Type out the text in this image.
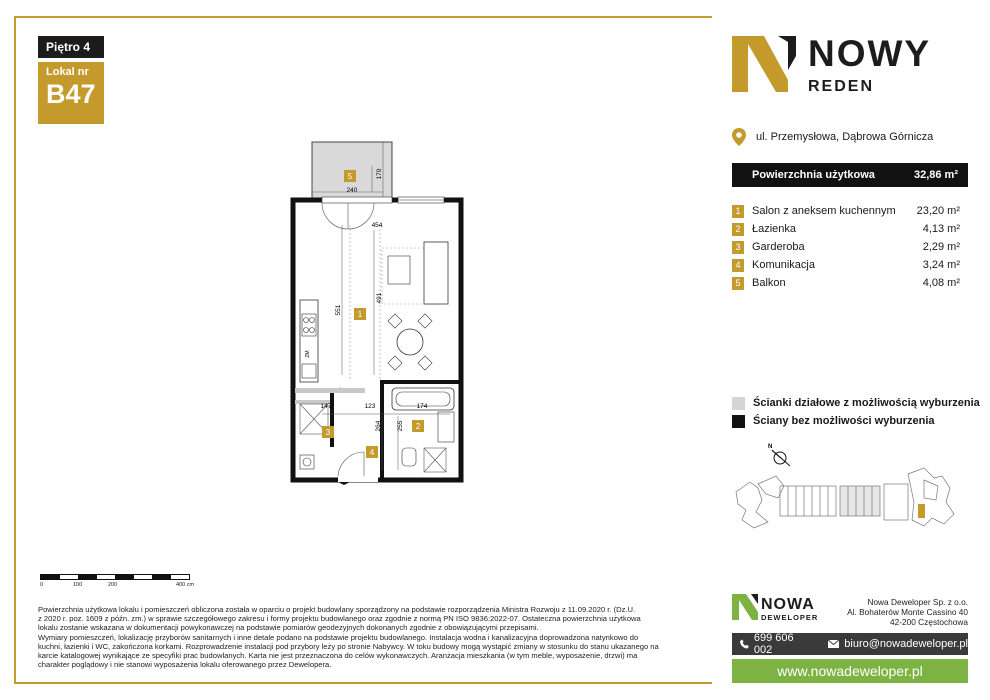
Piętro 4
Lokal nr
B47
ZM
170
240
454
491
551
147	123	174
264 255
5
1
2
3
4
0	100	200	400 cm

Powierzchnia użytkowa lokalu i pomieszczeń obliczona została w oparciu o projekt budowlany sporządzony na podstawie rozporządzenia Ministra Rozwoju z 11.09.2020 r. (Dz.U.

z 2020 r. poz. 1609 z późn. zm.) w sprawie szczegółowego zakresu i formy projektu budowlanego oraz zgodnie z normą PN ISO 9836:2022-07. Ostateczna powierzchnia użytkowa

lokalu zostanie wskazana w dokumentacji powykonawczej na podstawie pomiarów geodezyjnych dokonanych zgodnie z obowiązującymi przepisami.

Wymiary pomieszczeń, lokalizację przyborów sanitarnych i inne detale podano na podstawie projektu budowlanego. Instalacja wodna i kanalizacyjna doprowadzona natynkowo do

kuchni, łazienki i WC, zakończona korkami. Rozprowadzenie instalacji pod przybory leży po stronie Nabywcy. W toku budowy mogą wystąpić zmiany w stosunku do stanu ukazanego na

karcie katalogowej wynikające ze specyfiki prac budowlanych. Karta nie jest przeznaczona do celów wykonawczych. Aranżacja mieszkania (w tym meble, wyposażenie, drzwi) ma

charakter poglądowy i nie stanowi wyposażenia lokalu oferowanego przez Dewelopera.

NOWY
REDEN
ul. Przemysłowa, Dąbrowa Górnicza
Powierzchnia użytkowa	32,86 m²
1	Salon z aneksem kuchennym	23,20 m²
2	Łazienka	4,13 m²
3	Garderoba	2,29 m²
4	Komunikacja	3,24 m²
5	Balkon	4,08 m²
Ścianki działowe z możliwością wyburzenia
Ściany bez możliwości wyburzenia
N
NOWA
DEWELOPER
Nowa Deweloper Sp. z o.o.
Al. Bohaterów Monte Cassino 40
42-200 Częstochowa
699 606 002	biuro@nowadeweloper.pl
www.nowadeweloper.pl
